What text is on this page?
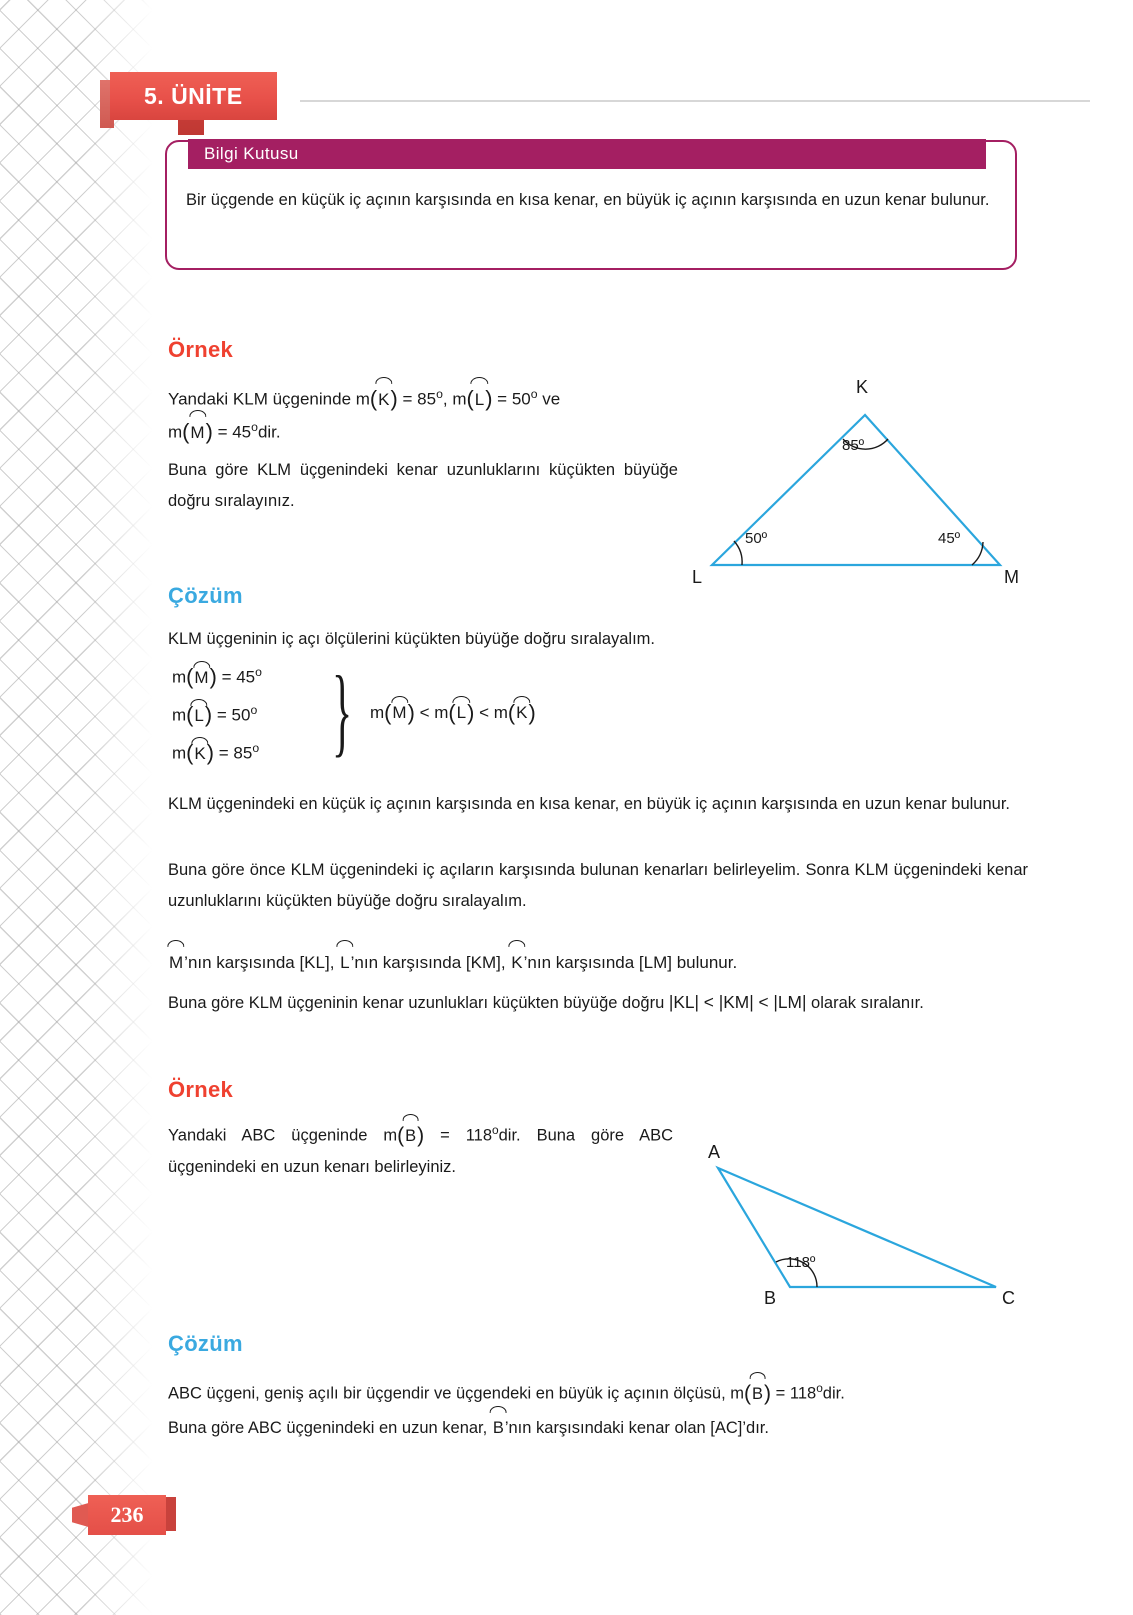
5. ÜNİTE
Bilgi Kutusu
Bir üçgende en küçük iç açının karşısında en kısa kenar, en büyük iç açının karşısında en uzun kenar bulunur.
Örnek
Yandaki KLM üçgeninde m(
$K) = 85^o$, m(
$L) = 50^o$ ve
m(
$M) = 45^odir$.
Buna göre KLM üçgenindeki kenar uzunluklarını küçükten büyüğe doğru sıralayınız.
K
L	M
85º
50º	45º
Çözüm
KLM üçgeninin iç açı ölçülerini küçükten büyüğe doğru sıralayalım.
m(
$M) = 45^o$
m(
$L) = 50^o$
m(
$K) = 85^o$ } m(
M) < m(
L) < m(
K)
KLM üçgenindeki en küçük iç açının karşısında en kısa kenar, en büyük iç açının karşısında en uzun kenar bulunur.
Buna göre önce KLM üçgenindeki iç açıların karşısında bulunan kenarları belirleyelim. Sonra KLM üçgenindeki kenar uzunluklarını küçükten büyüğe doğru sıralayalım.
M’nın karşısında [KL],
L’nın karşısında [KM],
K’nın karşısında [LM] bulunur.
Buna göre KLM üçgeninin kenar uzunlukları küçükten büyüğe doğru |KL| < |KM| < |LM| olarak sıralanır.
Örnek
Yandaki ABC üçgeninde m(
$B) = 118^odir$. Buna göre ABC üçgenindeki en uzun kenarı belirleyiniz.
A
B	C
118º
Çözüm
ABC üçgeni, geniş açılı bir üçgendir ve üçgendeki en büyük iç açının ölçüsü, m(
$B) = 118^odir$.
Buna göre ABC üçgenindeki en uzun kenar,
B’nın karşısındaki kenar olan [AC]’dır.
236
